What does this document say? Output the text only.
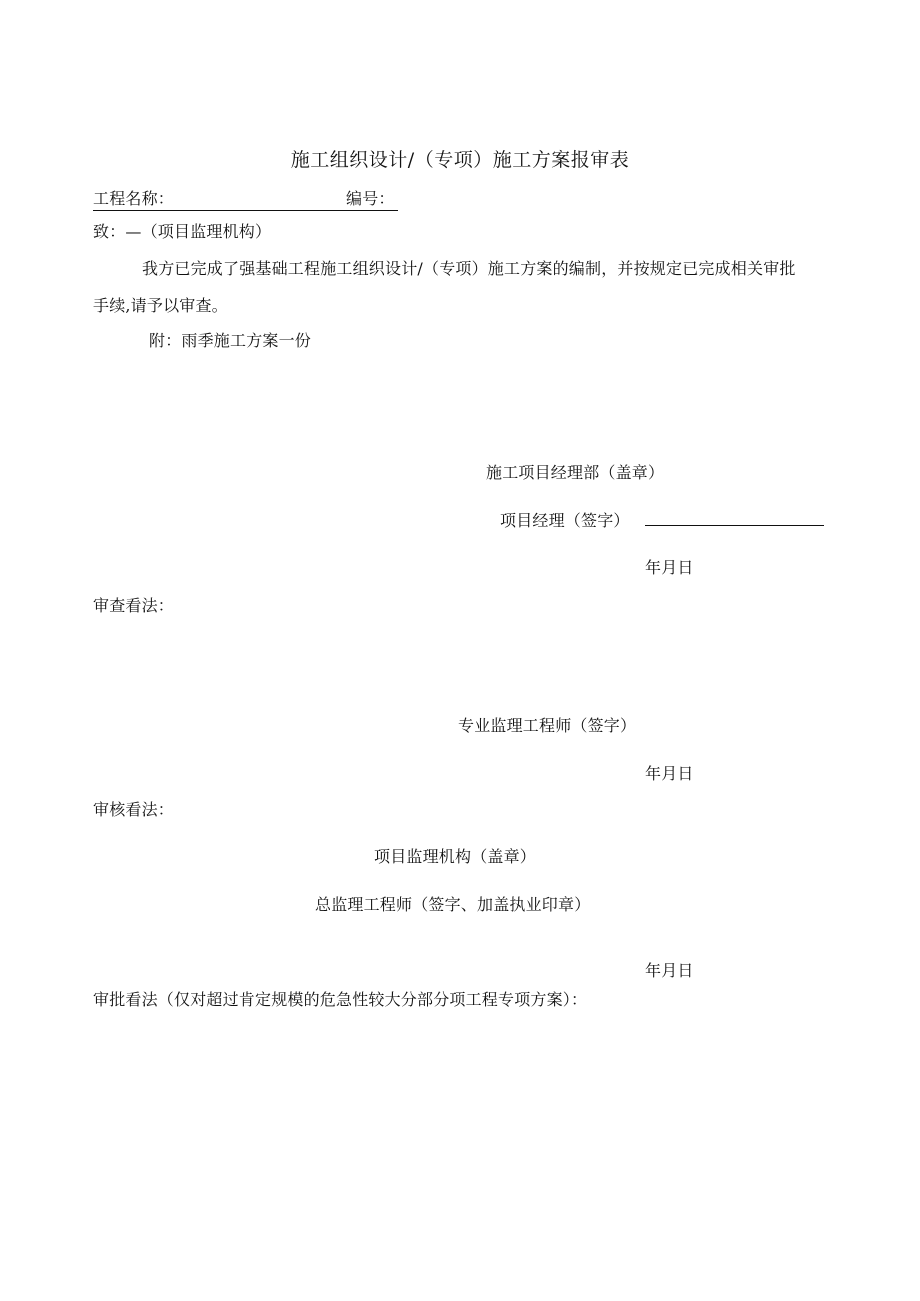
施工组织设计/（专项）施工方案报审表
工程名称：	编号：
致：—（项目监理机构）
我方已完成了强基础工程施工组织设计/（专项）施工方案的编制，并按规定已完成相关审批
手续,请予以审查。
附：雨季施工方案一份
施工项目经理部（盖章）
项目经理（签字）
年月日
审查看法：
专业监理工程师（签字）
年月日
审核看法：
项目监理机构（盖章）
总监理工程师（签字、加盖执业印章）
年月日
审批看法（仅对超过肯定规模的危急性较大分部分项工程专项方案）：
